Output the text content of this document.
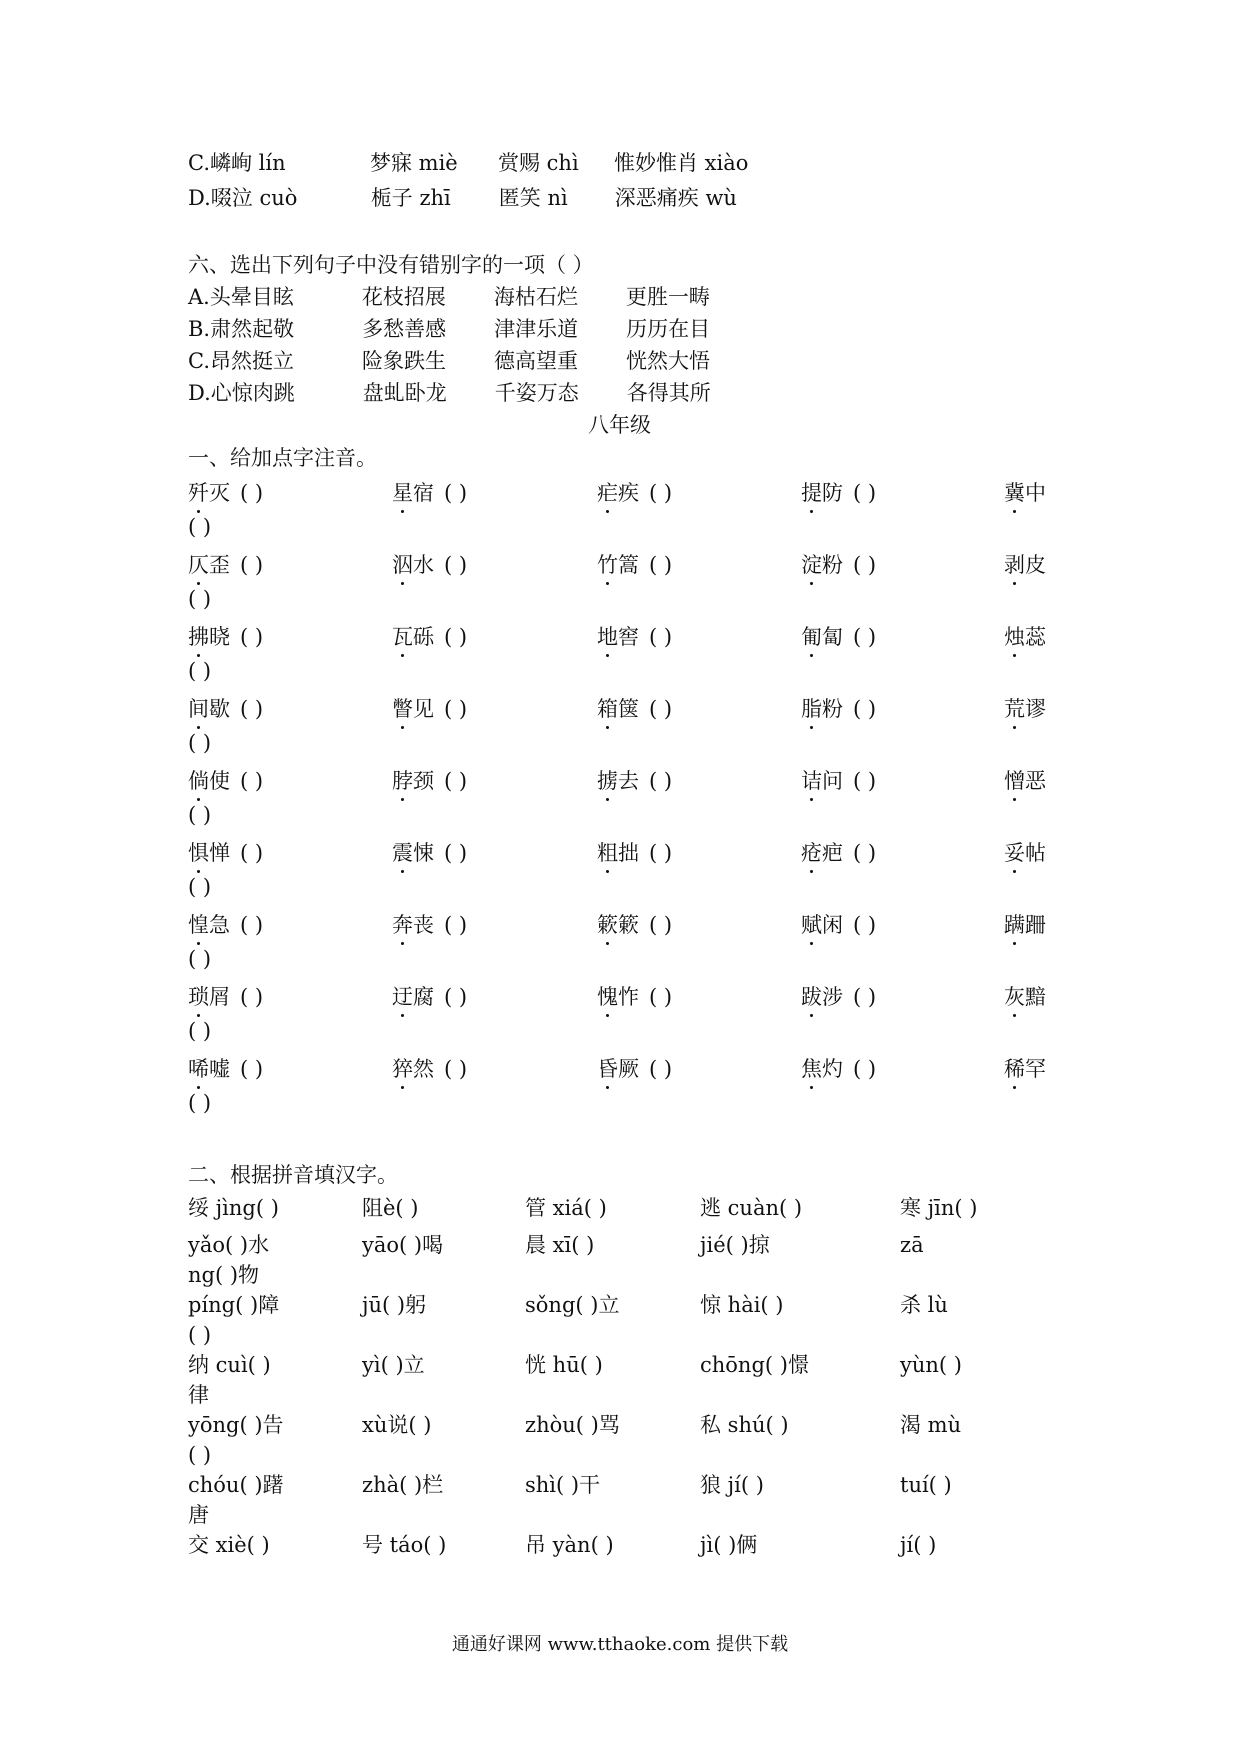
C.嶙峋 lín	梦寐 miè 赏赐 chì 惟妙惟肖 xiào
D.啜泣 cuò	栀子 zhī 匿笑 nì 深恶痛疾 wù
六、选出下列句子中没有错别字的一项（ ）
A.头晕目眩	花枝招展 海枯石烂 更胜一畴
B.肃然起敬	多愁善感 津津乐道 历历在目
C.昂然挺立	险象跌生 德高望重 恍然大悟
D.心惊肉跳	盘虬卧龙 千姿万态 各得其所
八年级
一、给加点字注音。
歼灭 ( )	星宿 ( )	疟疾 ( )	提防 ( )	冀中
( )
仄歪 ( )	泅水 ( )	竹篙 ( )	淀粉 ( )	剥皮
( )
拂晓 ( )	瓦砾 ( )	地窖 ( )	匍匐 ( )	烛蕊
( )
间歇 ( )	瞥见 ( )	箱箧 ( )	脂粉 ( )	荒谬
( )
倘使 ( )	脖颈 ( )	掳去 ( )	诘问 ( )	憎恶
( )
惧惮 ( )	震悚 ( )	粗拙 ( )	疮疤 ( )	妥帖
( )
惶急 ( )	奔丧 ( )	簌簌 ( )	赋闲 ( )	蹒跚
( )
琐屑 ( )	迂腐 ( )	愧怍 ( )	跋涉 ( )	灰黯
( )
唏嘘 ( )	猝然 ( )	昏厥 ( )	焦灼 ( )	稀罕
( )
二、根据拼音填汉字。
绥 jìng( )	阻è( )	管 xiá( )	逃 cuàn( )	寒 jīn( )
yǎo( )水	yāo( )喝	晨 xī( )	jié( )掠	zā
ng( )物
píng( )障	jū( )躬	sǒng( )立	惊 hài( )	杀 lù
( )
纳 cuì( )	yì( )立	恍 hū( )	chōng( )憬	yùn( )
律
yōng( )告	xù说( )	zhòu( )骂	私 shú( )	渴 mù
( )
chóu( )躇	zhà( )栏	shì( )干	狼 jí( )	tuí( )
唐
交 xiè( )	号 táo( )	吊 yàn( )	jì( )俩	jí( )
通通好课网 www.tthaoke.com 提供下载
